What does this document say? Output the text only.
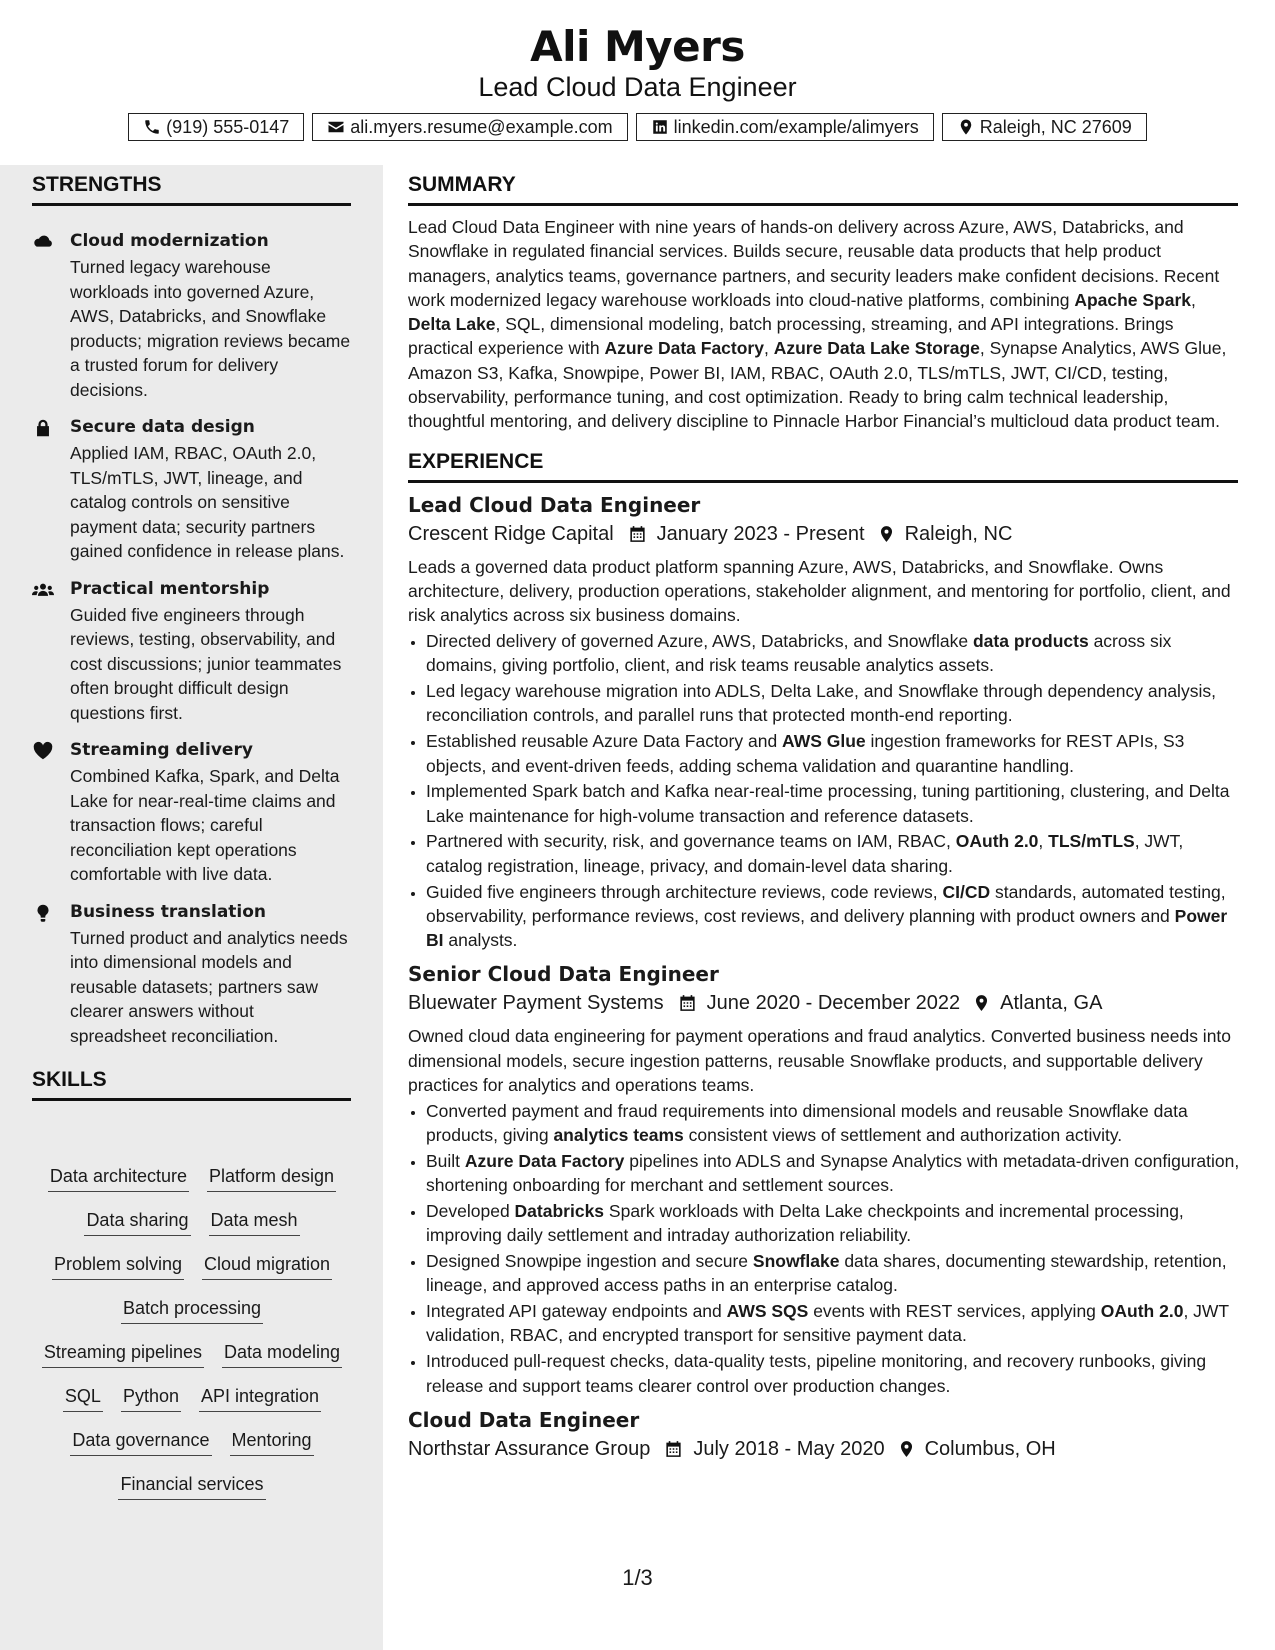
Ali Myers
Lead Cloud Data Engineer
(919) 555-0147	ali.myers.resume@example.com	linkedin.com/example/alimyers	Raleigh, NC 27609
STRENGTHS
Cloud modernization
Turned legacy warehouse workloads into governed Azure, AWS, Databricks, and Snowflake products; migration reviews became a trusted forum for delivery decisions.
Secure data design
Applied IAM, RBAC, OAuth 2.0, TLS/mTLS, JWT, lineage, and catalog controls on sensitive payment data; security partners gained confidence in release plans.
Practical mentorship
Guided five engineers through reviews, testing, observability, and cost discussions; junior teammates often brought difficult design questions first.
Streaming delivery
Combined Kafka, Spark, and Delta Lake for near-real-time claims and transaction flows; careful reconciliation kept operations comfortable with live data.
Business translation
Turned product and analytics needs into dimensional models and reusable datasets; partners saw clearer answers without spreadsheet reconciliation.
SKILLS
Data architecture Platform design
Data sharing Data mesh
Problem solving Cloud migration
Batch processing
Streaming pipelines Data modeling
SQL Python API integration
Data governance Mentoring
Financial services
SUMMARY

Lead Cloud Data Engineer with nine years of hands-on delivery across Azure, AWS, Databricks, and Snowflake in regulated financial services. Builds secure, reusable data products that help product managers, analytics teams, governance partners, and security leaders make confident decisions. Recent work modernized legacy warehouse workloads into cloud-native platforms, combining Apache Spark, Delta Lake, SQL, dimensional modeling, batch processing, streaming, and API integrations. Brings practical experience with Azure Data Factory, Azure Data Lake Storage, Synapse Analytics, AWS Glue, Amazon S3, Kafka, Snowpipe, Power BI, IAM, RBAC, OAuth 2.0, TLS/mTLS, JWT, CI/CD, testing, observability, performance tuning, and cost optimization. Ready to bring calm technical leadership, thoughtful mentoring, and delivery discipline to Pinnacle Harbor Financial’s multicloud data product team.

EXPERIENCE
Lead Cloud Data Engineer
Crescent Ridge Capital January 2023 - Present Raleigh, NC
Leads a governed data product platform spanning Azure, AWS, Databricks, and Snowflake. Owns architecture, delivery, production operations, stakeholder alignment, and mentoring for portfolio, client, and risk analytics across six business domains.
• Directed delivery of governed Azure, AWS, Databricks, and Snowflake data products across six domains, giving portfolio, client, and risk teams reusable analytics assets.
• Led legacy warehouse migration into ADLS, Delta Lake, and Snowflake through dependency analysis, reconciliation controls, and parallel runs that protected month-end reporting.
• Established reusable Azure Data Factory and AWS Glue ingestion frameworks for REST APIs, S3 objects, and event-driven feeds, adding schema validation and quarantine handling.
• Implemented Spark batch and Kafka near-real-time processing, tuning partitioning, clustering, and Delta Lake maintenance for high-volume transaction and reference datasets.
• Partnered with security, risk, and governance teams on IAM, RBAC, OAuth 2.0, TLS/mTLS, JWT, catalog registration, lineage, privacy, and domain-level data sharing.
• Guided five engineers through architecture reviews, code reviews, CI/CD standards, automated testing, observability, performance reviews, cost reviews, and delivery planning with product owners and Power BI analysts.
Senior Cloud Data Engineer
Bluewater Payment Systems June 2020 - December 2022 Atlanta, GA
Owned cloud data engineering for payment operations and fraud analytics. Converted business needs into dimensional models, secure ingestion patterns, reusable Snowflake products, and supportable delivery practices for analytics and operations teams.
• Converted payment and fraud requirements into dimensional models and reusable Snowflake data products, giving analytics teams consistent views of settlement and authorization activity.
• Built Azure Data Factory pipelines into ADLS and Synapse Analytics with metadata-driven configuration, shortening onboarding for merchant and settlement sources.
• Developed Databricks Spark workloads with Delta Lake checkpoints and incremental processing, improving daily settlement and intraday authorization reliability.
• Designed Snowpipe ingestion and secure Snowflake data shares, documenting stewardship, retention, lineage, and approved access paths in an enterprise catalog.
• Integrated API gateway endpoints and AWS SQS events with REST services, applying OAuth 2.0, JWT validation, RBAC, and encrypted transport for sensitive payment data.
• Introduced pull-request checks, data-quality tests, pipeline monitoring, and recovery runbooks, giving release and support teams clearer control over production changes.
Cloud Data Engineer
Northstar Assurance Group July 2018 - May 2020 Columbus, OH
1/3
